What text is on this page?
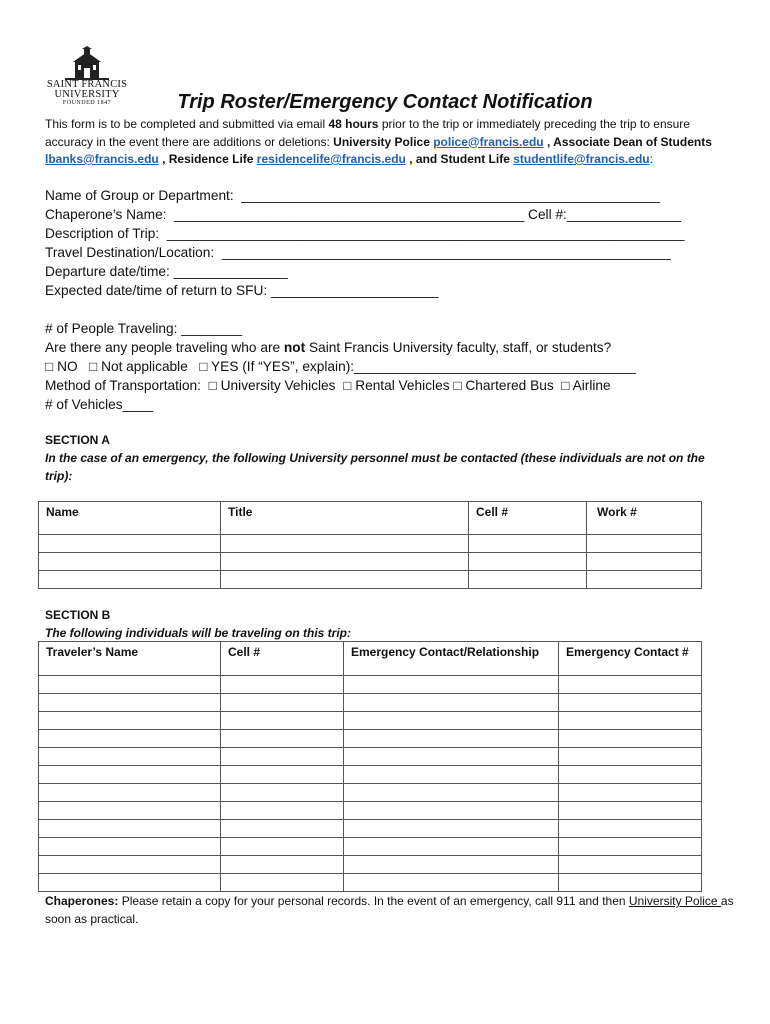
SAINT FRANCIS
UNIVERSITY
FOUNDED 1847	Trip Roster/Emergency Contact Notification
This form is to be completed and submitted via email 48 hours prior to the trip or immediately preceding the trip to ensure accuracy in the event there are additions or deletions: University Police police@francis.edu , Associate Dean of Students lbanks@francis.edu , Residence Life residencelife@francis.edu , and Student Life studentlife@francis.edu:
Name of Group or Department:  _______________________________________________________
Chaperone’s Name:  ______________________________________________ Cell #:_______________
Description of Trip:  ____________________________________________________________________
Travel Destination/Location:  ___________________________________________________________
Departure date/time: _______________
Expected date/time of return to SFU: ______________________
# of People Traveling: ________
Are there any people traveling who are not Saint Francis University faculty, staff, or students?
□ NO   □ Not applicable   □ YES (If “YES”, explain):_____________________________________
Method of Transportation:  □ University Vehicles  □ Rental Vehicles □ Chartered Bus  □ Airline
# of Vehicles____
SECTION A
In the case of an emergency, the following University personnel must be contacted (these individuals are not on the trip):
Name	Title	Cell #	Work #

SECTION B
The following individuals will be traveling on this trip:
Traveler’s Name	Cell #	Emergency Contact/Relationship	Emergency Contact #

Chaperones: Please retain a copy for your personal records. In the event of an emergency, call 911 and then University Police as soon as practical.
